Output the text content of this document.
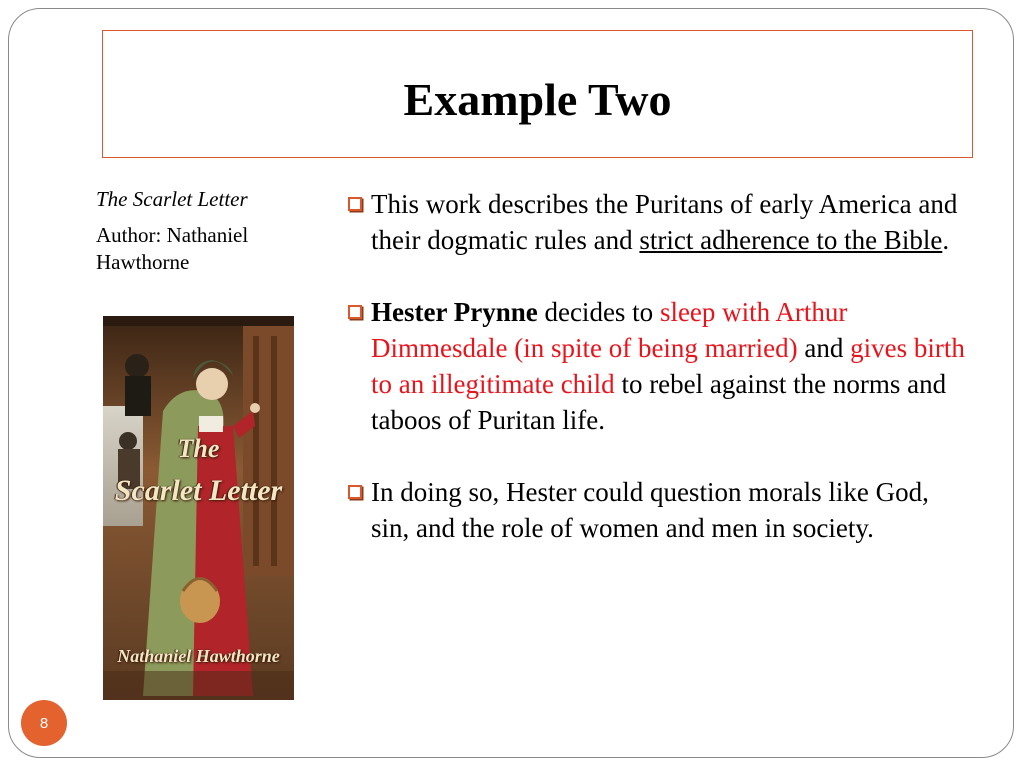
Example Two
The Scarlet Letter
Author: Nathaniel Hawthorne
The
Scarlet Letter
Nathaniel Hawthorne
This work describes the Puritans of early America and their dogmatic rules and strict adherence to the Bible.
Hester Prynne decides to sleep with Arthur Dimmesdale (in spite of being married) and gives birth to an illegitimate child to rebel against the norms and taboos of Puritan life.
In doing so, Hester could question morals like God, sin, and the role of women and men in society.
8
